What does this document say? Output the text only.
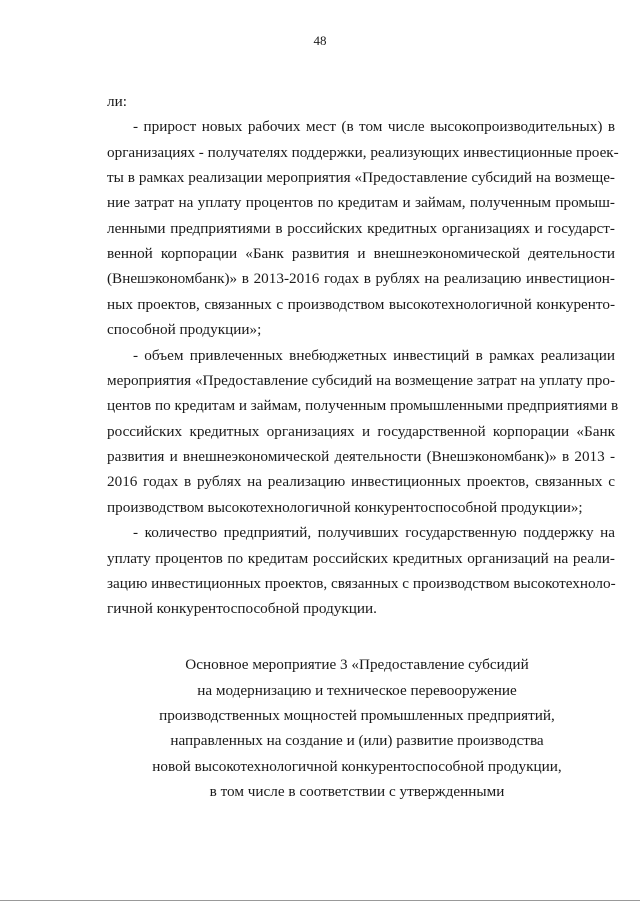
48
ли:
- прирост новых рабочих мест (в том числе высокопроизводительных) в
организациях - получателях поддержки, реализующих инвестиционные проек-
ты в рамках реализации мероприятия «Предоставление субсидий на возмеще-
ние затрат на уплату процентов по кредитам и займам, полученным промыш-
ленными предприятиями в российских кредитных организациях и государст-
венной корпорации «Банк развития и внешнеэкономической деятельности
(Внешэкономбанк)» в 2013-2016 годах в рублях на реализацию инвестицион-
ных проектов, связанных с производством высокотехнологичной конкуренто-
способной продукции»;
- объем привлеченных внебюджетных инвестиций в рамках реализации
мероприятия «Предоставление субсидий на возмещение затрат на уплату про-
центов по кредитам и займам, полученным промышленными предприятиями в
российских кредитных организациях и государственной корпорации «Банк
развития и внешнеэкономической деятельности (Внешэкономбанк)» в 2013 -
2016 годах в рублях на реализацию инвестиционных проектов, связанных с
производством высокотехнологичной конкурентоспособной продукции»;
- количество предприятий, получивших государственную поддержку на
уплату процентов по кредитам российских кредитных организаций на реали-
зацию инвестиционных проектов, связанных с производством высокотехноло-
гичной конкурентоспособной продукции.
Основное мероприятие 3 «Предоставление субсидий
на модернизацию и техническое перевооружение
производственных мощностей промышленных предприятий,
направленных на создание и (или) развитие производства
новой высокотехнологичной конкурентоспособной продукции,
в том числе в соответствии с утвержденными
